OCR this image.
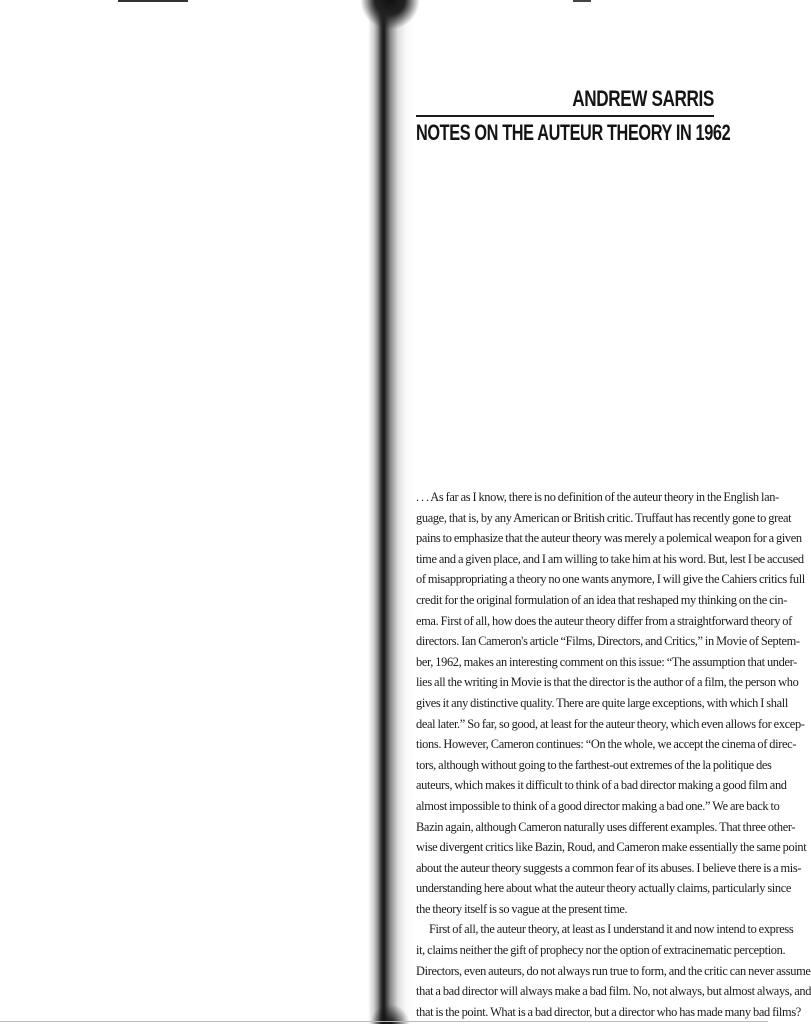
ANDREW SARRIS
NOTES ON THE AUTEUR THEORY IN 1962
. . . As far as I know, there is no definition of the auteur theory in the English lan-
guage, that is, by any American or British critic. Truffaut has recently gone to great
pains to emphasize that the auteur theory was merely a polemical weapon for a given
time and a given place, and I am willing to take him at his word. But, lest I be accused
of misappropriating a theory no one wants anymore, I will give the Cahiers critics full
credit for the original formulation of an idea that reshaped my thinking on the cin-
ema. First of all, how does the auteur theory differ from a straightforward theory of
directors. Ian Cameron's article “Films, Directors, and Critics,” in Movie of Septem-
ber, 1962, makes an interesting comment on this issue: “The assumption that under-
lies all the writing in Movie is that the director is the author of a film, the person who
gives it any distinctive quality. There are quite large exceptions, with which I shall
deal later.” So far, so good, at least for the auteur theory, which even allows for excep-
tions. However, Cameron continues: “On the whole, we accept the cinema of direc-
tors, although without going to the farthest-out extremes of the la politique des
auteurs, which makes it difficult to think of a bad director making a good film and
almost impossible to think of a good director making a bad one.” We are back to
Bazin again, although Cameron naturally uses different examples. That three other-
wise divergent critics like Bazin, Roud, and Cameron make essentially the same point
about the auteur theory suggests a common fear of its abuses. I believe there is a mis-
understanding here about what the auteur theory actually claims, particularly since
the theory itself is so vague at the present time.
First of all, the auteur theory, at least as I understand it and now intend to express
it, claims neither the gift of prophecy nor the option of extracinematic perception.
Directors, even auteurs, do not always run true to form, and the critic can never assume
that a bad director will always make a bad film. No, not always, but almost always, and
that is the point. What is a bad director, but a director who has made many bad films?
